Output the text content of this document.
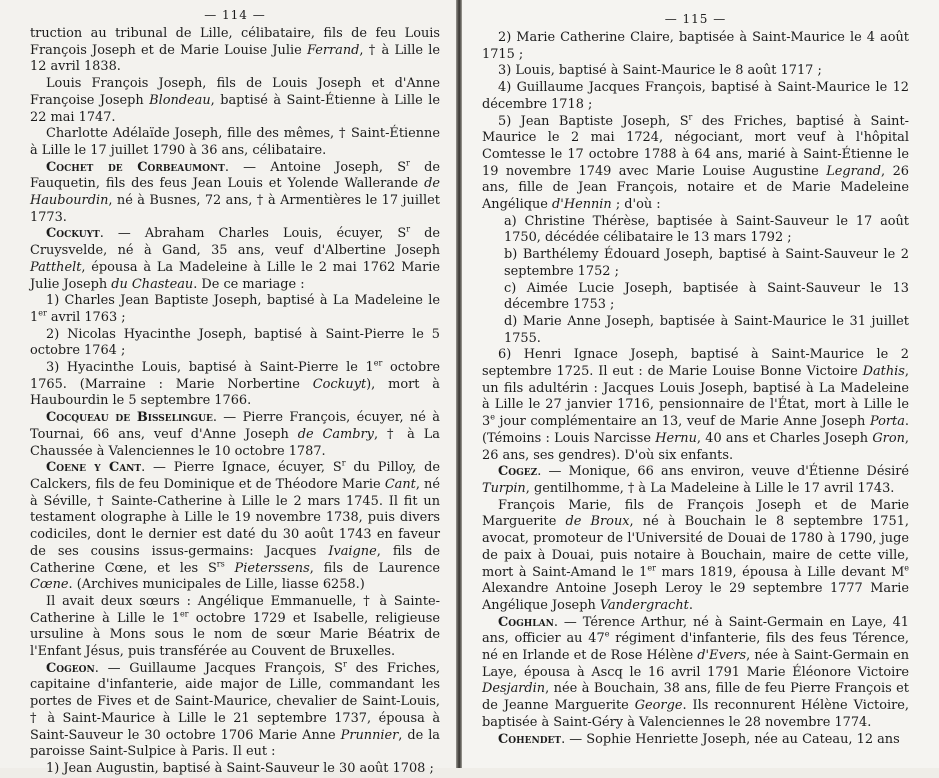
— 114 —

truction au tribunal de Lille, célibataire, fils de feu Louis François Joseph et de Marie Louise Julie Ferrand, † à Lille le 12 avril 1838.

Louis François Joseph, fils de Louis Joseph et d'Anne Françoise Joseph Blondeau, baptisé à Saint-Étienne à Lille le 22 mai 1747.

Charlotte Adélaïde Joseph, fille des mêmes, † Saint-Étienne à Lille le 17 juillet 1790 à 36 ans, célibataire.

Cochet de Corbeaumont. — Antoine Joseph, $S^r$ de Fauquetin, fils des feus Jean Louis et Yolende Wallerande de Haubourdin, né à Busnes, 72 ans, † à Armentières le 17 juillet 1773.

Cockuyt. — Abraham Charles Louis, écuyer, $S^r$ de Cruysvelde, né à Gand, 35 ans, veuf d'Albertine Joseph Patthelt, épousa à La Madeleine à Lille le 2 mai 1762 Marie Julie Joseph du Chasteau. De ce mariage :

1) Charles Jean Baptiste Joseph, baptisé à La Madeleine le 1er avril 1763 ;

2) Nicolas Hyacinthe Joseph, baptisé à Saint-Pierre le 5 octobre 1764 ;

3) Hyacinthe Louis, baptisé à Saint-Pierre le 1er octobre 1765. (Marraine : Marie Norbertine Cockuyt), mort à Haubourdin le 5 septembre 1766.

Cocqueau de Bisselingue. — Pierre François, écuyer, né à Tournai, 66 ans, veuf d'Anne Joseph de Cambry, † à La Chaussée à Valenciennes le 10 octobre 1787.

Coene y Cant. — Pierre Ignace, écuyer, $S^r$ du Pilloy, de Calckers, fils de feu Dominique et de Théodore Marie Cant, né à Séville, † Sainte-Catherine à Lille le 2 mars 1745. Il fit un testament olographe à Lille le 19 novembre 1738, puis divers codiciles, dont le dernier est daté du 30 août 1743 en faveur de ses cousins issus-germains: Jacques Ivaigne, fils de Catherine Cœne, et les $S^{rs}$ Pieterssens, fils de Laurence Cœne. (Archives municipales de Lille, liasse 6258.)

Il avait deux sœurs : Angélique Emmanuelle, † à Sainte-Catherine à Lille le 1er octobre 1729 et Isabelle, religieuse ursuline à Mons sous le nom de sœur Marie Béatrix de l'Enfant Jésus, puis transférée au Couvent de Bruxelles.

Cogeon. — Guillaume Jacques François, $S^r$ des Friches, capitaine d'infanterie, aide major de Lille, commandant les portes de Fives et de Saint-Maurice, chevalier de Saint-Louis, † à Saint-Maurice à Lille le 21 septembre 1737, épousa à Saint-Sauveur le 30 octobre 1706 Marie Anne Prunnier, de la paroisse Saint-Sulpice à Paris. Il eut :

1) Jean Augustin, baptisé à Saint-Sauveur le 30 août 1708 ;

— 115 —

2) Marie Catherine Claire, baptisée à Saint-Maurice le 4 août 1715 ;

3) Louis, baptisé à Saint-Maurice le 8 août 1717 ;

4) Guillaume Jacques François, baptisé à Saint-Maurice le 12 décembre 1718 ;

5) Jean Baptiste Joseph, $S^r$ des Friches, baptisé à Saint-Maurice le 2 mai 1724, négociant, mort veuf à l'hôpital Comtesse le 17 octobre 1788 à 64 ans, marié à Saint-Étienne le 19 novembre 1749 avec Marie Louise Augustine Legrand, 26 ans, fille de Jean François, notaire et de Marie Madeleine Angélique d'Hennin ; d'où :

a) Christine Thérèse, baptisée à Saint-Sauveur le 17 août 1750, décédée célibataire le 13 mars 1792 ;

b) Barthélemy Édouard Joseph, baptisé à Saint-Sauveur le 2 septembre 1752 ;

c) Aimée Lucie Joseph, baptisée à Saint-Sauveur le 13 décembre 1753 ;

d) Marie Anne Joseph, baptisée à Saint-Maurice le 31 juillet 1755.

6) Henri Ignace Joseph, baptisé à Saint-Maurice le 2 septembre 1725. Il eut : de Marie Louise Bonne Victoire Dathis, un fils adultérin : Jacques Louis Joseph, baptisé à La Madeleine à Lille le 27 janvier 1716, pensionnaire de l'État, mort à Lille le 3e jour complémentaire an 13, veuf de Marie Anne Joseph Porta. (Témoins : Louis Narcisse Hernu, 40 ans et Charles Joseph Gron, 26 ans, ses gendres). D'où six enfants.

Cogez. — Monique, 66 ans environ, veuve d'Étienne Désiré Turpin, gentilhomme, † à La Madeleine à Lille le 17 avril 1743.

François Marie, fils de François Joseph et de Marie Marguerite de Broux, né à Bouchain le 8 septembre 1751, avocat, promoteur de l'Université de Douai de 1780 à 1790, juge de paix à Douai, puis notaire à Bouchain, maire de cette ville, mort à Saint-Amand le 1er mars 1819, épousa à Lille devant Me Alexandre Antoine Joseph Leroy le 29 septembre 1777 Marie Angélique Joseph Vandergracht.

Coghlan. — Térence Arthur, né à Saint-Germain en Laye, 41 ans, officier au 47e régiment d'infanterie, fils des feus Térence, né en Irlande et de Rose Hélène d'Evers, née à Saint-Germain en Laye, épousa à Ascq le 16 avril 1791 Marie Éléonore Victoire Desjardin, née à Bouchain, 38 ans, fille de feu Pierre François et de Jeanne Marguerite George. Ils reconnurent Hélène Victoire, baptisée à Saint-Géry à Valenciennes le 28 novembre 1774.

Cohendet. — Sophie Henriette Joseph, née au Cateau, 12 ans
